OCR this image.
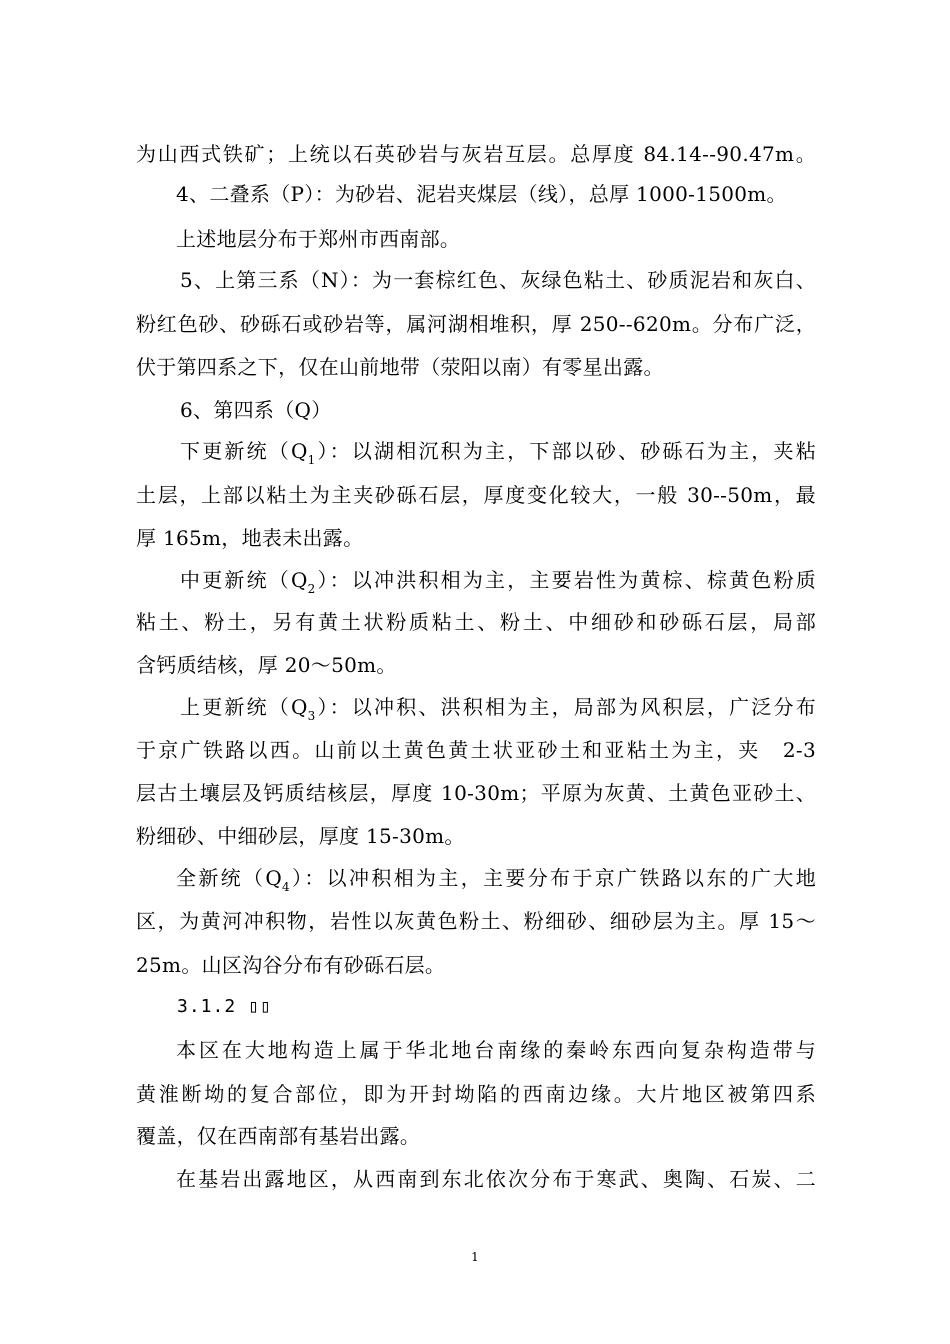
为山西式铁矿；上统以石英砂岩与灰岩互层。总厚度 84.14--90.47m。
4、二叠系（P）：为砂岩、泥岩夹煤层（线），总厚 1000-1500m。
上述地层分布于郑州市西南部。
5、上第三系（N）：为一套棕红色、灰绿色粘土、砂质泥岩和灰白、
粉红色砂、砂砾石或砂岩等，属河湖相堆积，厚 250--620m。分布广泛，
伏于第四系之下，仅在山前地带（荥阳以南）有零星出露。
6、第四系（Q）
下更新统$(Q_1)$：以湖相沉积为主，下部以砂、砂砾石为主，夹粘
土层，上部以粘土为主夹砂砾石层，厚度变化较大，一般 30--50m，最
厚 165m，地表未出露。
中更新统$(Q_2)$：以冲洪积相为主，主要岩性为黄棕、棕黄色粉质
粘土、粉土，另有黄土状粉质粘土、粉土、中细砂和砂砾石层，局部
含钙质结核，厚 20～50m。
上更新统$(Q_3)$：以冲积、洪积相为主，局部为风积层，广泛分布
于京广铁路以西。山前以土黄色黄土状亚砂土和亚粘土为主，夹　2-3
层古土壤层及钙质结核层，厚度 10-30m；平原为灰黄、土黄色亚砂土、
粉细砂、中细砂层，厚度 15-30m。
全新统$(Q_4)$：以冲积相为主，主要分布于京广铁路以东的广大地
区，为黄河冲积物，岩性以灰黄色粉土、粉细砂、细砂层为主。厚 15～
25m。山区沟谷分布有砂砾石层。
3.1.2 ▯▯
本区在大地构造上属于华北地台南缘的秦岭东西向复杂构造带与
黄淮断坳的复合部位，即为开封坳陷的西南边缘。大片地区被第四系
覆盖，仅在西南部有基岩出露。
在基岩出露地区，从西南到东北依次分布于寒武、奥陶、石炭、二
1
